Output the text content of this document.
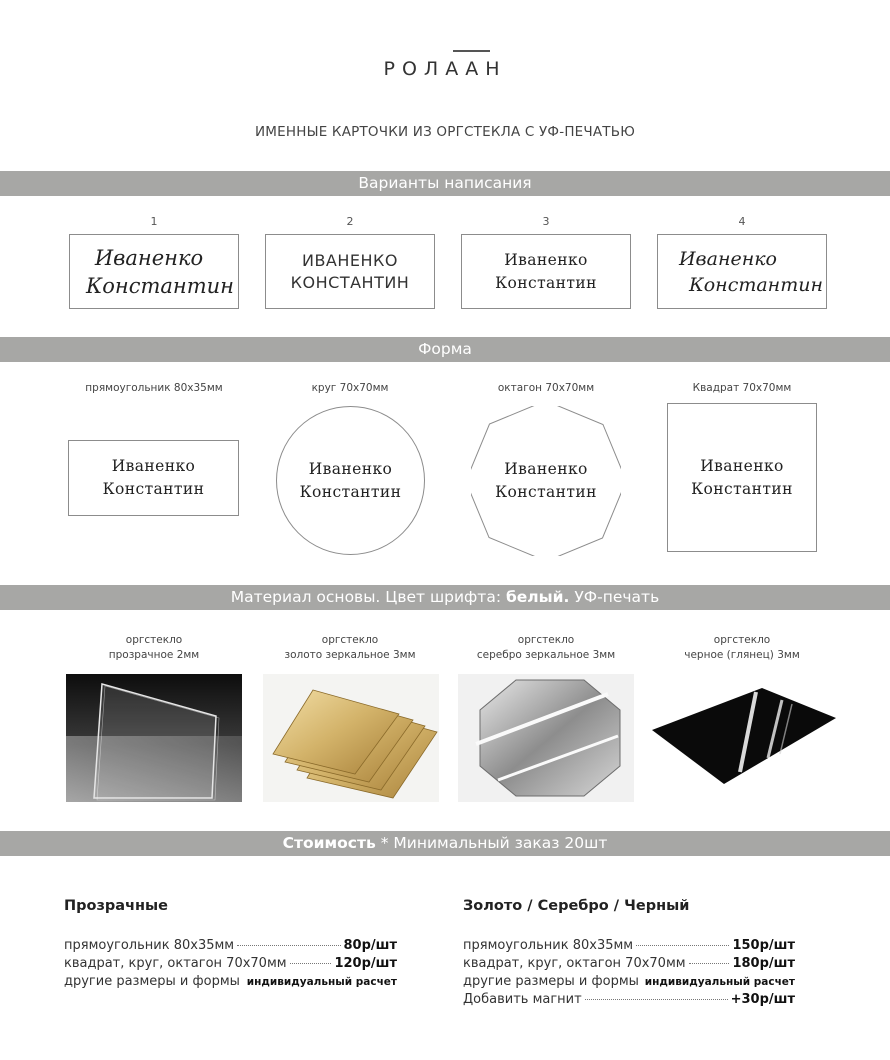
РОЛААН
ИМЕННЫЕ КАРТОЧКИ ИЗ ОРГСТЕКЛА С УФ-ПЕЧАТЬЮ
Варианты написания
1	2	3	4
Иваненко
Константин
ИВАНЕНКО
КОНСТАНТИН
Иваненко
Константин
Иваненко
Константин
Форма
прямоугольник 80х35мм	круг 70х70мм	октагон 70х70мм	Квадрат 70х70мм
Иваненко
Константин
Иваненко
Константин
Иваненко
Константин
Иваненко
Константин
Материал основы. Цвет шрифта: белый. УФ-печать
оргстекло
прозрачное 2мм
оргстекло
золото зеркальное 3мм
оргстекло
серебро зеркальное 3мм
оргстекло
черное (глянец) 3мм
Стоимость * Минимальный заказ 20шт
Прозрачные
прямоугольник 80х35мм	80р/шт
квадрат, круг, октагон 70х70мм	120р/шт
другие размеры и формы индивидуальный расчет
Золото / Серебро / Черный
прямоугольник 80х35мм	150р/шт
квадрат, круг, октагон 70х70мм	180р/шт
другие размеры и формы индивидуальный расчет
Добавить магнит	+30р/шт
